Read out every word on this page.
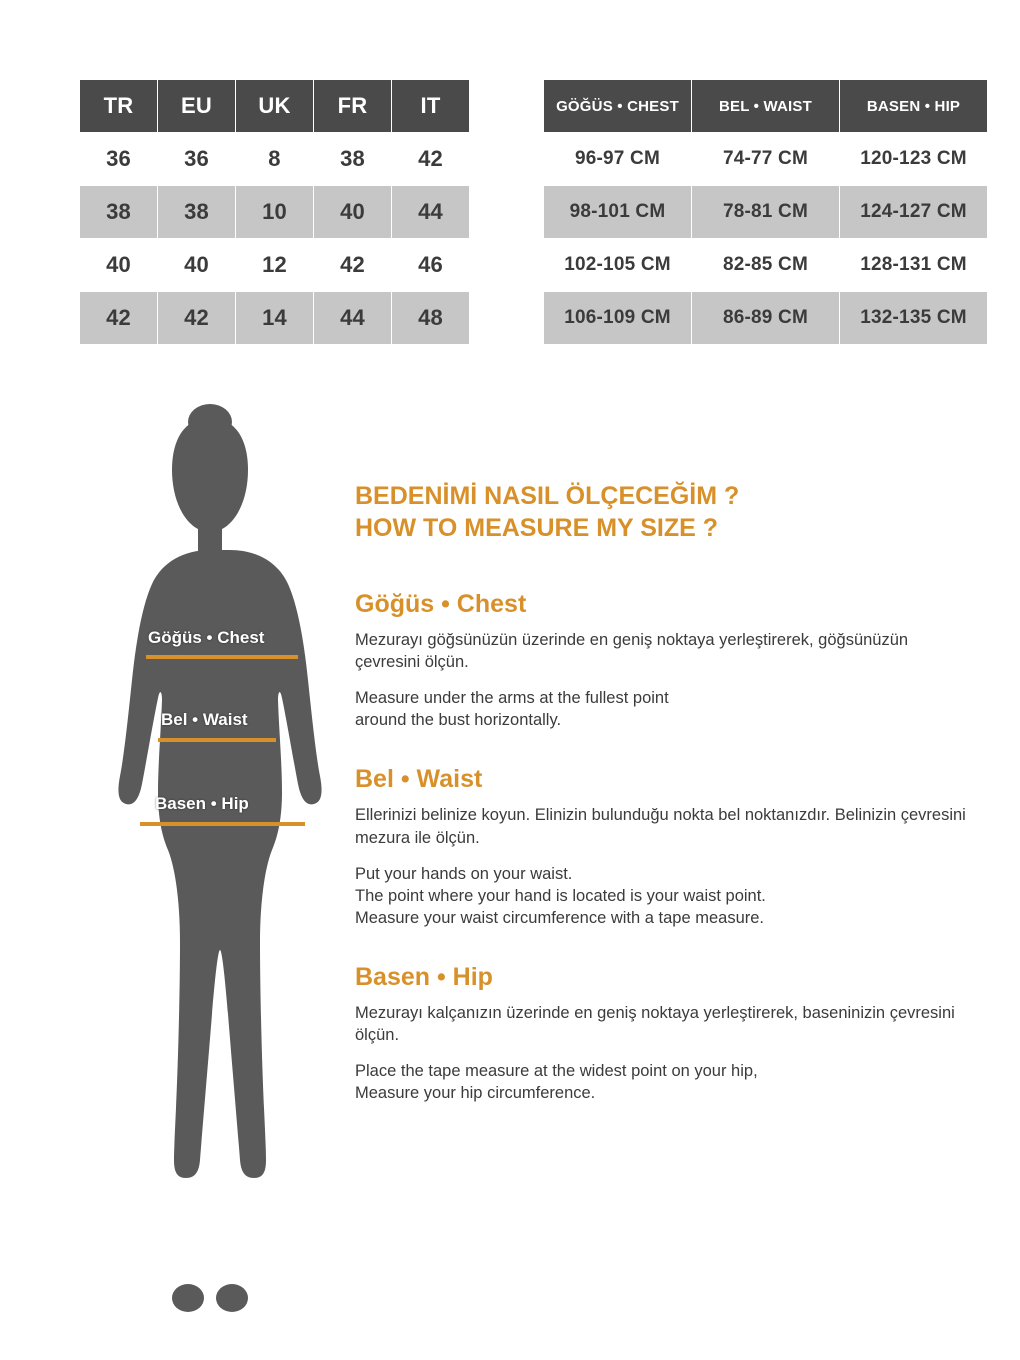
TR	EU	UK	FR	IT
36	36	8	38	42
38	38	10	40	44
40	40	12	42	46
42	42	14	44	48
GÖĞÜS • CHEST	BEL • WAIST	BASEN • HIP
96-97 CM	74-77 CM	120-123 CM
98-101 CM	78-81 CM	124-127 CM
102-105 CM	82-85 CM	128-131 CM
106-109 CM	86-89 CM	132-135 CM
Göğüs • Chest
Bel • Waist
Basen • Hip
BEDENİMİ NASIL ÖLÇECEĞİM ?
HOW TO MEASURE MY SIZE ?
Göğüs • Chest

Mezurayı göğsünüzün üzerinde en geniş noktaya yerleştirerek, göğsünüzün çevresini ölçün.

Measure under the arms at the fullest point
around the bust horizontally.

Bel • Waist

Ellerinizi belinize koyun. Elinizin bulunduğu nokta bel noktanızdır. Belinizin çevresini mezura ile ölçün.

Put your hands on your waist.
The point where your hand is located is your waist point.
Measure your waist circumference with a tape measure.

Basen • Hip

Mezurayı kalçanızın üzerinde en geniş noktaya yerleştirerek, baseninizin çevresini ölçün.

Place the tape measure at the widest point on your hip,
Measure your hip circumference.
